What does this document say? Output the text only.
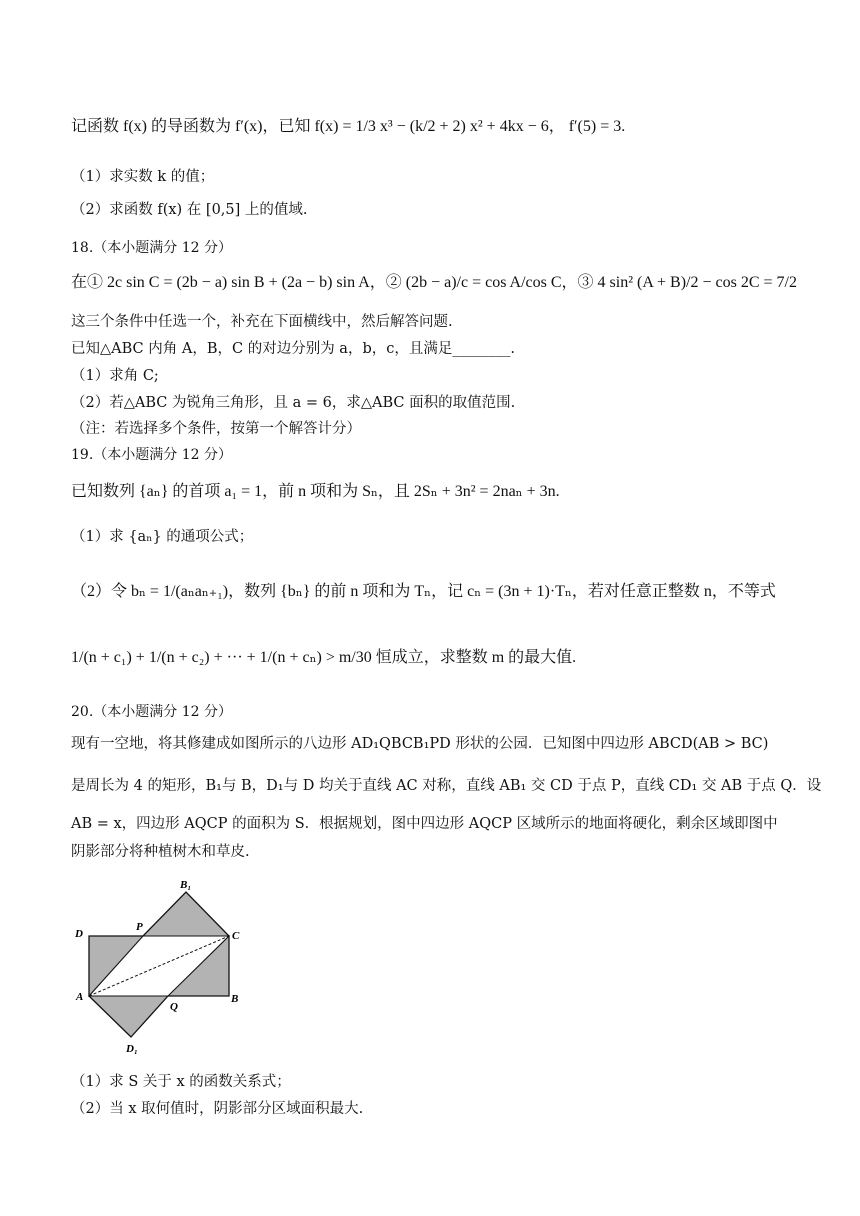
记函数 f(x) 的导函数为 f′(x)，已知 f(x) = 1/3 x³ − (k/2 + 2) x² + 4kx − 6， f′(5) = 3.
（1）求实数 k 的值；
（2）求函数 f(x) 在 [0,5] 上的值域.
18.（本小题满分 12 分）
在① 2c sin C = (2b − a) sin B + (2a − b) sin A，② (2b − a)/c = cos A/cos C，③ 4 sin² (A + B)/2 − cos 2C = 7/2
这三个条件中任选一个，补充在下面横线中，然后解答问题.
已知△ABC 内角 A，B，C 的对边分别为 a，b，c，且满足________.
（1）求角 C;
（2）若△ABC 为锐角三角形，且 a = 6，求△ABC 面积的取值范围.
（注：若选择多个条件，按第一个解答计分）
19.（本小题满分 12 分）
已知数列 {aₙ} 的首项 a₁ = 1，前 n 项和为 Sₙ，且 2Sₙ + 3n² = 2naₙ + 3n.
（1）求 {aₙ} 的通项公式；
（2）令 bₙ = 1/(aₙaₙ₊₁)，数列 {bₙ} 的前 n 项和为 Tₙ，记 cₙ = (3n + 1)·Tₙ，若对任意正整数 n，不等式
1/(n + c₁) + 1/(n + c₂) + ··· + 1/(n + cₙ) > m/30 恒成立，求整数 m 的最大值.
20.（本小题满分 12 分）
现有一空地，将其修建成如图所示的八边形 AD₁QBCB₁PD 形状的公园．已知图中四边形 ABCD(AB > BC)
是周长为 4 的矩形，B₁与 B，D₁与 D 均关于直线 AC 对称，直线 AB₁ 交 CD 于点 P，直线 CD₁ 交 AB 于点 Q．设
AB = x，四边形 AQCP 的面积为 S．根据规划，图中四边形 AQCP 区域所示的地面将硬化，剩余区域即图中
阴影部分将种植树木和草皮.
B₁
D
P
C
A
Q
B
D₁
（1）求 S 关于 x 的函数关系式；
（2）当 x 取何值时，阴影部分区域面积最大.
